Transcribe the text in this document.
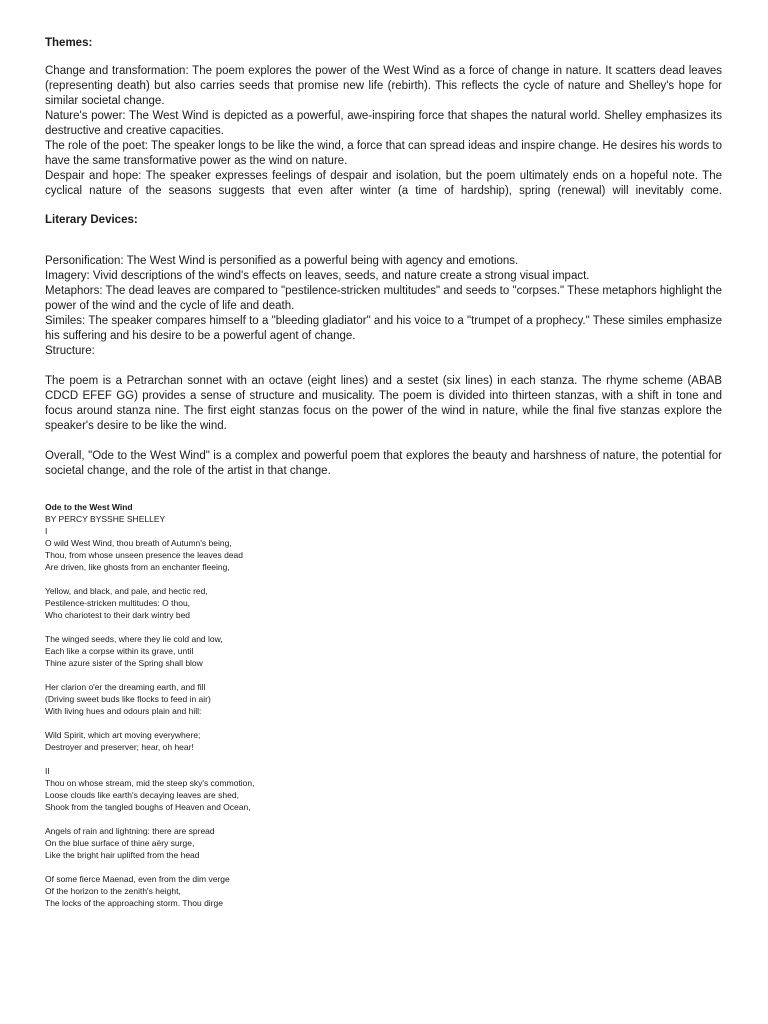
Themes:

Change and transformation: The poem explores the power of the West Wind as a force of change in nature. It scatters dead leaves (representing death) but also carries seeds that promise new life (rebirth). This reflects the cycle of nature and Shelley's hope for similar societal change.

Nature's power: The West Wind is depicted as a powerful, awe-inspiring force that shapes the natural world. Shelley emphasizes its destructive and creative capacities.

The role of the poet: The speaker longs to be like the wind, a force that can spread ideas and inspire change. He desires his words to have the same transformative power as the wind on nature.

Despair and hope: The speaker expresses feelings of despair and isolation, but the poem ultimately ends on a hopeful note. The cyclical nature of the seasons suggests that even after winter (a time of hardship), spring (renewal) will inevitably come.

Literary Devices:

Personification: The West Wind is personified as a powerful being with agency and emotions.

Imagery: Vivid descriptions of the wind's effects on leaves, seeds, and nature create a strong visual impact.

Metaphors: The dead leaves are compared to "pestilence-stricken multitudes" and seeds to "corpses." These metaphors highlight the power of the wind and the cycle of life and death.

Similes: The speaker compares himself to a "bleeding gladiator" and his voice to a "trumpet of a prophecy." These similes emphasize his suffering and his desire to be a powerful agent of change.

Structure:

The poem is a Petrarchan sonnet with an octave (eight lines) and a sestet (six lines) in each stanza. The rhyme scheme (ABAB CDCD EFEF GG) provides a sense of structure and musicality. The poem is divided into thirteen stanzas, with a shift in tone and focus around stanza nine. The first eight stanzas focus on the power of the wind in nature, while the final five stanzas explore the speaker's desire to be like the wind.

Overall, "Ode to the West Wind" is a complex and powerful poem that explores the beauty and harshness of nature, the potential for societal change, and the role of the artist in that change.

Ode to the West Wind
BY PERCY BYSSHE SHELLEY
I
O wild West Wind, thou breath of Autumn's being,
Thou, from whose unseen presence the leaves dead
Are driven, like ghosts from an enchanter fleeing,
Yellow, and black, and pale, and hectic red,
Pestilence-stricken multitudes: O thou,
Who chariotest to their dark wintry bed
The winged seeds, where they lie cold and low,
Each like a corpse within its grave, until
Thine azure sister of the Spring shall blow
Her clarion o'er the dreaming earth, and fill
(Driving sweet buds like flocks to feed in air)
With living hues and odours plain and hill:
Wild Spirit, which art moving everywhere;
Destroyer and preserver; hear, oh hear!
II
Thou on whose stream, mid the steep sky's commotion,
Loose clouds like earth's decaying leaves are shed,
Shook from the tangled boughs of Heaven and Ocean,
Angels of rain and lightning: there are spread
On the blue surface of thine aëry surge,
Like the bright hair uplifted from the head
Of some fierce Maenad, even from the dim verge
Of the horizon to the zenith's height,
The locks of the approaching storm. Thou dirge
